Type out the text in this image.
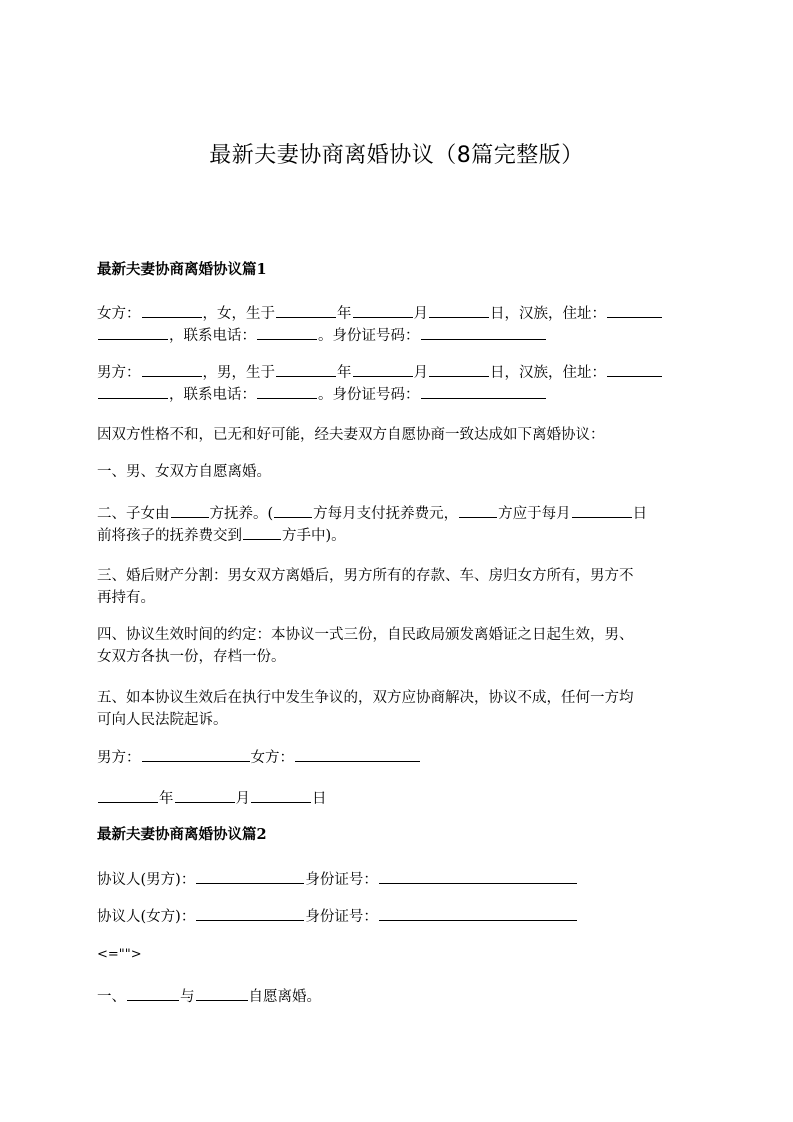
最新夫妻协商离婚协议（8篇完整版）
最新夫妻协商离婚协议篇1
女方：	，女，生于	年	月	日，汉族，住址：
，联系电话：	。身份证号码：
男方：	，男，生于	年	月	日，汉族，住址：
，联系电话：	。身份证号码：
因双方性格不和，已无和好可能，经夫妻双方自愿协商一致达成如下离婚协议：
一、男、女双方自愿离婚。
二、子女由	方抚养。(	方每月支付抚养费元，	方应于每月	日
前将孩子的抚养费交到	方手中)。
三、婚后财产分割：男女双方离婚后，男方所有的存款、车、房归女方所有，男方不
再持有。
四、协议生效时间的约定：本协议一式三份，自民政局颁发离婚证之日起生效，男、
女双方各执一份，存档一份。
五、如本协议生效后在执行中发生争议的，双方应协商解决，协议不成，任何一方均
可向人民法院起诉。
男方：	女方：
年	月	日
最新夫妻协商离婚协议篇2
协议人(男方)：	身份证号：
协议人(女方)：	身份证号：
<="">
一、	与	自愿离婚。
